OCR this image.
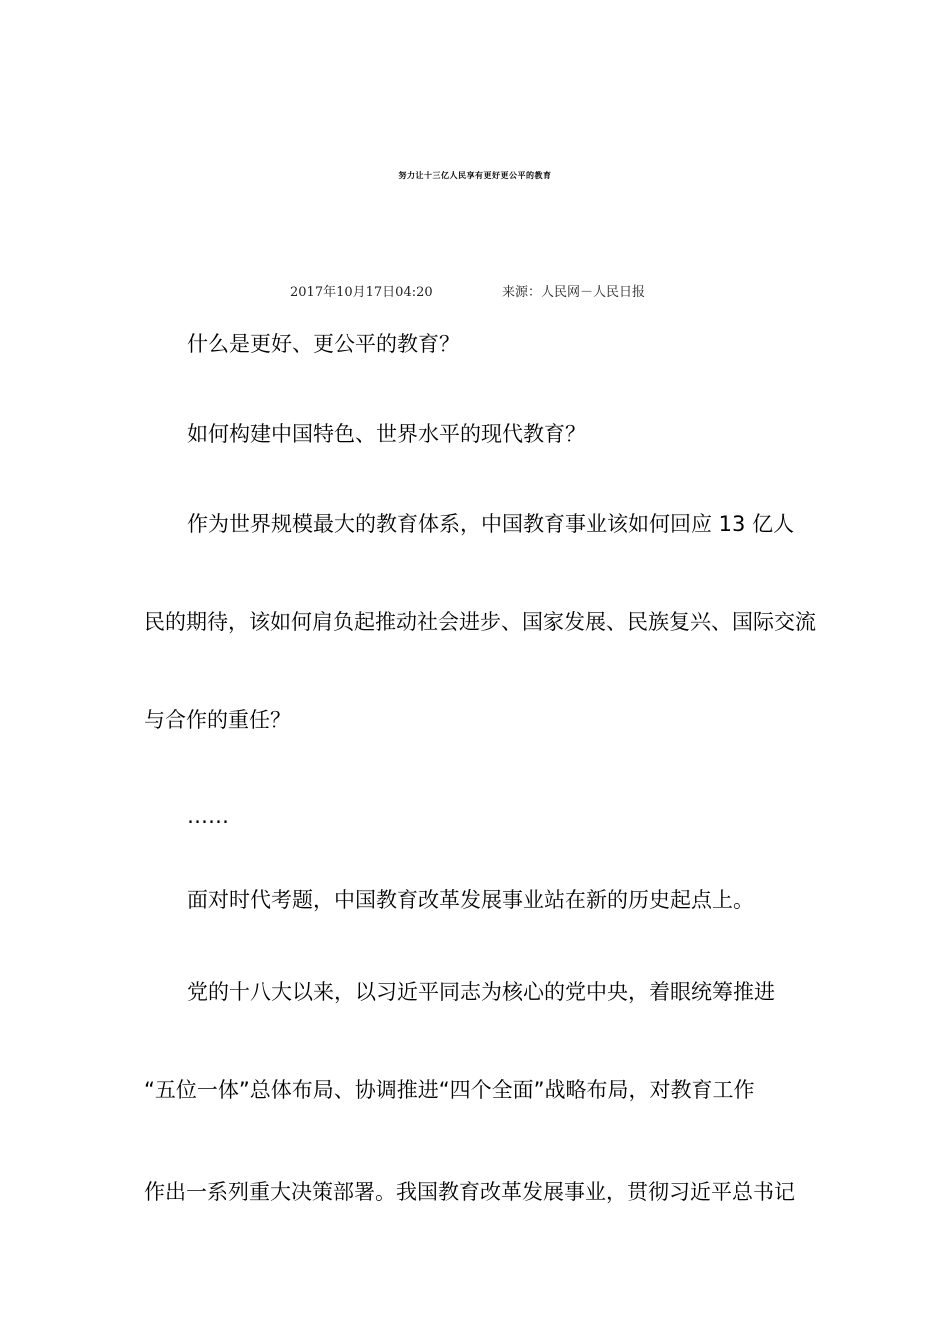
努力让十三亿人民享有更好更公平的教育
2017年10月17日04:20	来源：人民网－人民日报
什么是更好、更公平的教育？
如何构建中国特色、世界水平的现代教育？
作为世界规模最大的教育体系，中国教育事业该如何回应 13 亿人
民的期待，该如何肩负起推动社会进步、国家发展、民族复兴、国际交流
与合作的重任？
……
面对时代考题，中国教育改革发展事业站在新的历史起点上。
党的十八大以来，以习近平同志为核心的党中央，着眼统筹推进
“五位一体”总体布局、协调推进“四个全面”战略布局，对教育工作
作出一系列重大决策部署。我国教育改革发展事业，贯彻习近平总书记
